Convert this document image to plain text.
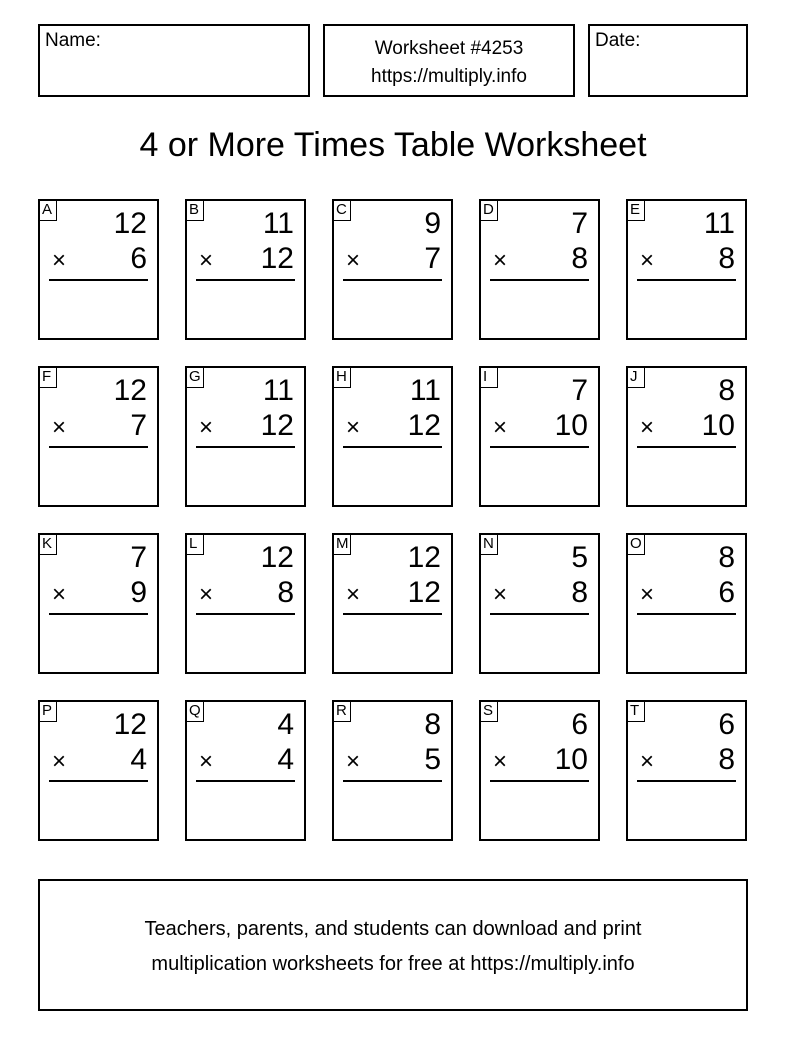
Name:	Worksheet #4253
https://multiply.info
Date:
4 or More Times Table Worksheet
A 12
× 6
B 11
× 12
C	9
× 7
D	7
× 8
E 11
× 8
F 12
× 7
G 11
× 12
H 11
× 12
I	7
× 10
J	8
× 10
K	7
× 9
L 12
× 8
M 12
× 12
N	5
× 8
O	8
× 6
P 12
× 4
Q	4
× 4
R	8
× 5
S	6
× 10
T	6
× 8
Teachers, parents, and students can download and print
multiplication worksheets for free at https://multiply.info
